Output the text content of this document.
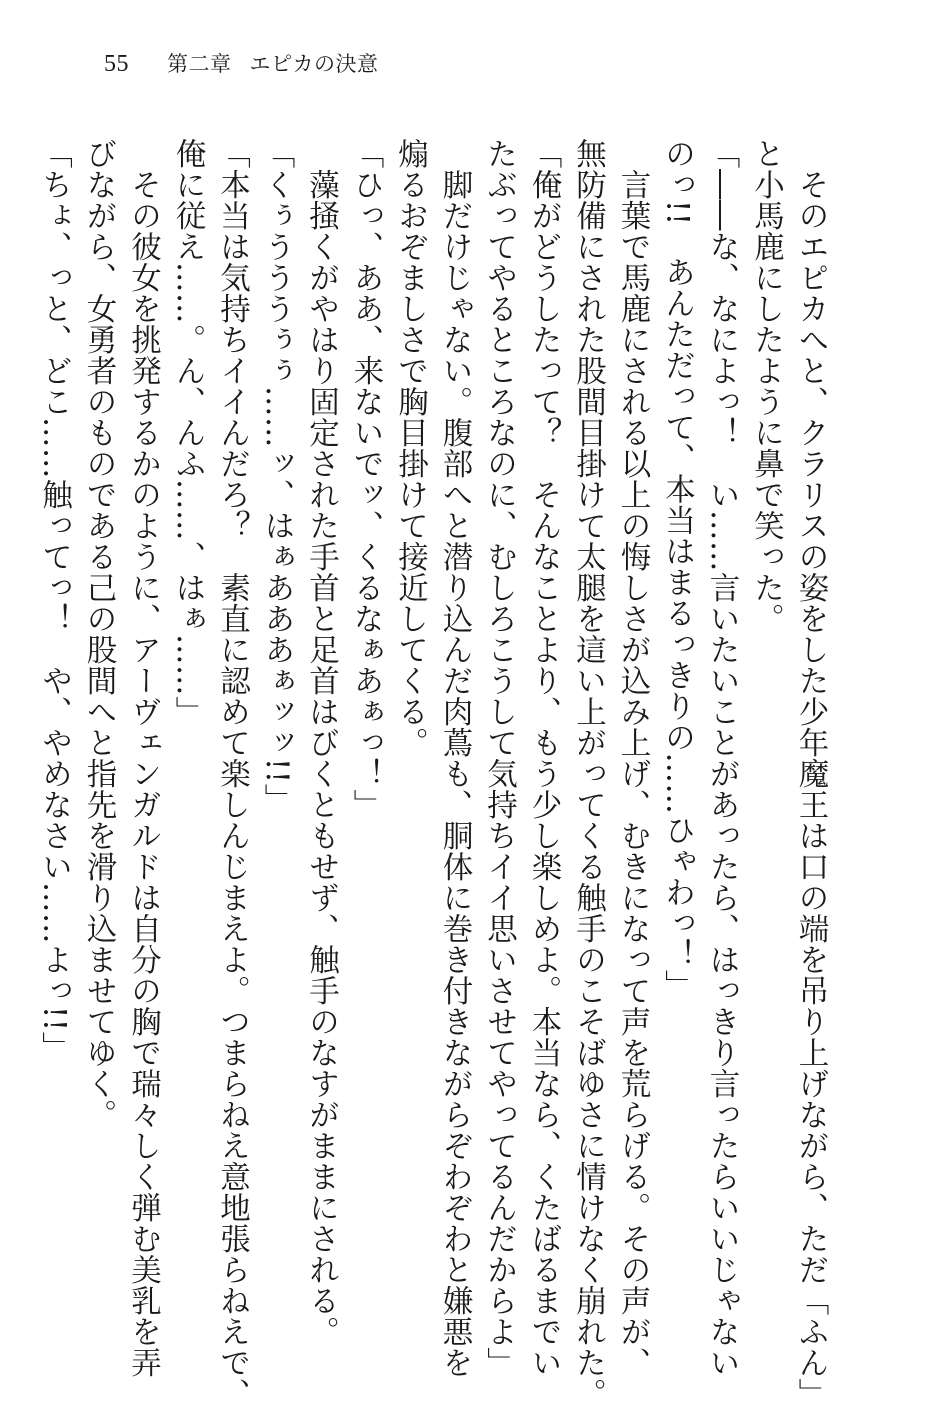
55 第二章 エピカの決意

　そのエピカへと、クラリスの姿をした少年魔王は口の端を吊り上げながら、ただ「ふん」

と小馬鹿にしたように鼻で笑った。

「――な、なによっ！　い……言いたいことがあったら、はっきり言ったらいいじゃない

のっ!!　あんただって、本当はまるっきりの……ひゃわっ！」

　言葉で馬鹿にされる以上の悔しさが込み上げ、むきになって声を荒らげる。その声が、

無防備にされた股間目掛けて太腿を這い上がってくる触手のこそばゆさに情けなく崩れた。

「俺がどうしたって？　そんなことより、もう少し楽しめよ。本当なら、くたばるまでい

たぶってやるところなのに、むしろこうして気持ちイイ思いさせてやってるんだからよ」

　脚だけじゃない。腹部へと潜り込んだ肉蔦も、胴体に巻き付きながらぞわぞわと嫌悪を

煽るおぞましさで胸目掛けて接近してくる。

「ひっ、ああ、来ないでッ、くるなぁあぁっ！」

　藻掻くがやはり固定された手首と足首はびくともせず、触手のなすがままにされる。

「くぅうううぅぅ……ッ、はぁあああぁッッ!!」

「本当は気持ちイイんだろ？　素直に認めて楽しんじまえよ。つまらねえ意地張らねえで、

俺に従え……。ん、んふ……、はぁ……」

　その彼女を挑発するかのように、アーヴェンガルドは自分の胸で瑞々しく弾む美乳を弄

びながら、女勇者のものである己の股間へと指先を滑り込ませてゆく。

「ちょ、っと、どこ……触ってっ！　や、やめなさい……よっ!!」
